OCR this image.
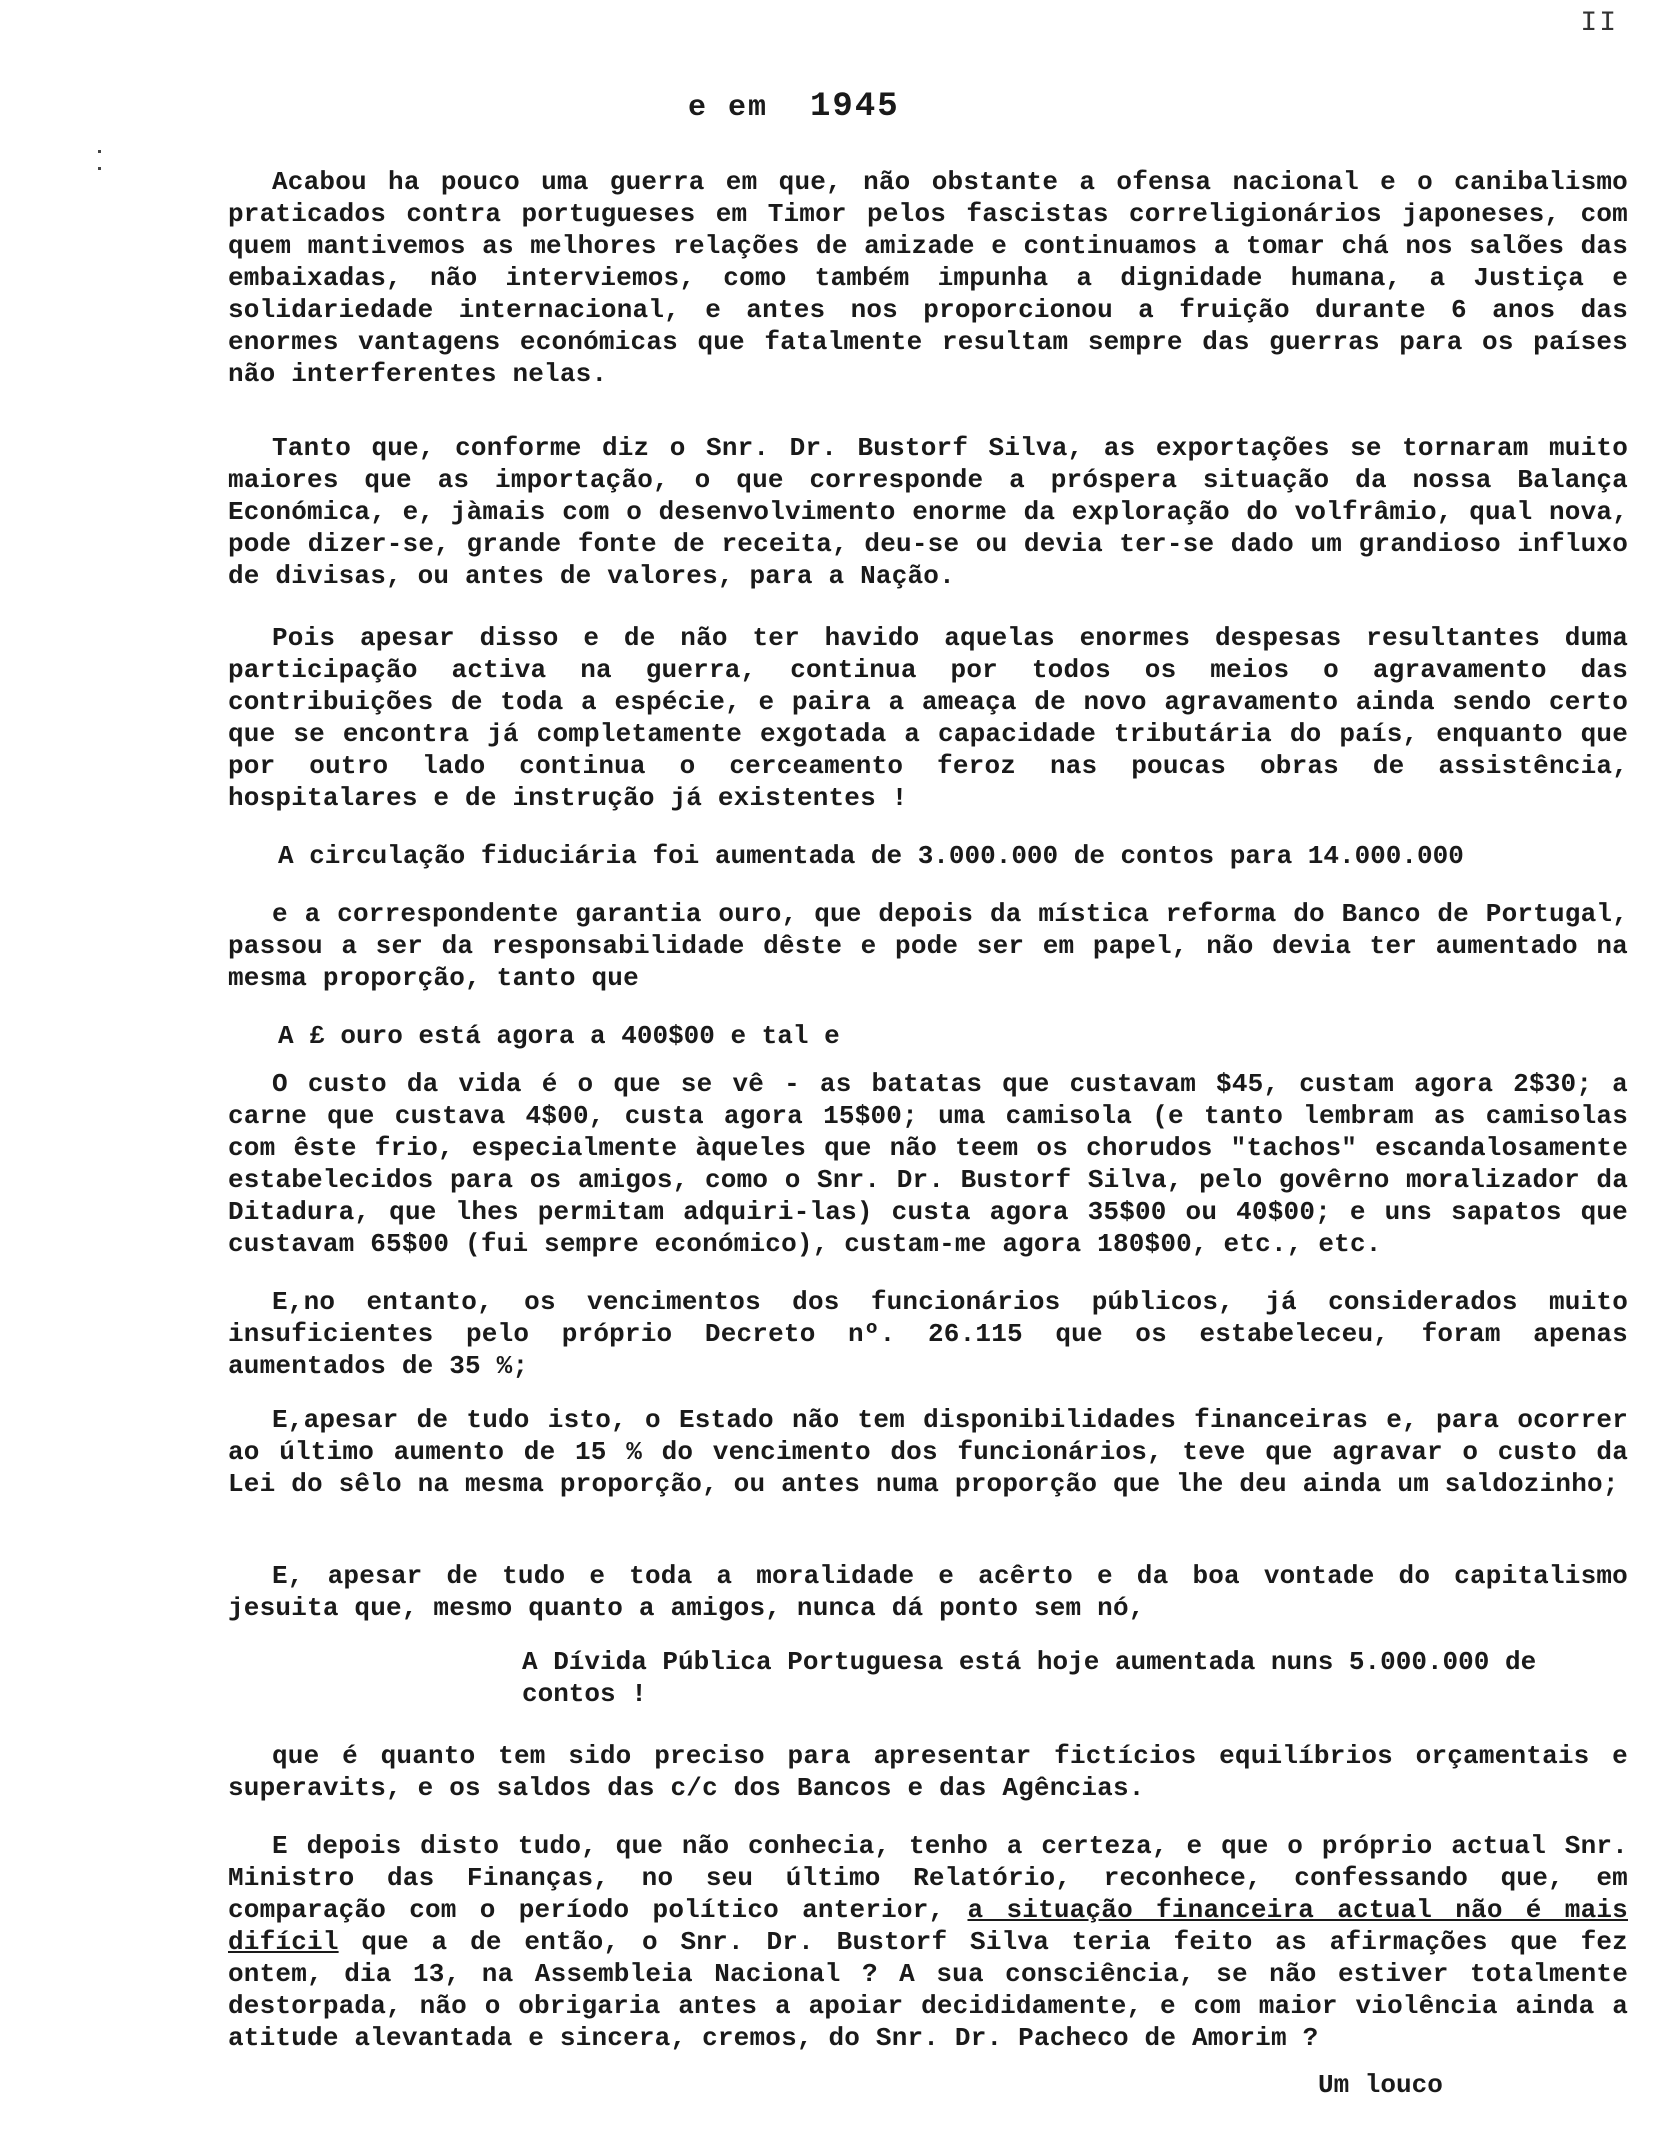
II
e em 1945

Acabou ha pouco uma guerra em que, não obstante a ofensa nacional e o canibalismo praticados contra portugueses em Timor pelos fascistas correligionários japoneses, com quem mantivemos as melhores relações de amizade e continuamos a tomar chá nos salões das embaixadas, não interviemos, como também impunha a dignidade humana, a Justiça e solidariedade internacional, e antes nos proporcionou a fruição durante 6 anos das enormes vantagens económicas que fatalmente resultam sempre das guerras para os países não interferentes nelas.

Tanto que, conforme diz o Snr. Dr. Bustorf Silva, as exportações se tornaram muito maiores que as importação, o que corresponde a próspera situação da nossa Balança Económica, e, jàmais com o desenvolvimento enorme da exploração do volfrâmio, qual nova, pode dizer-se, grande fonte de receita, deu-se ou devia ter-se dado um grandioso influxo de divisas, ou antes de valores, para a Nação.

Pois apesar disso e de não ter havido aquelas enormes despesas resultantes duma participação activa na guerra, continua por todos os meios o agravamento das contribuições de toda a espécie, e paira a ameaça de novo agravamento ainda sendo certo que se encontra já completamente exgotada a capacidade tributária do país, enquanto que por outro lado continua o cerceamento feroz nas poucas obras de assistência, hospitalares e de instrução já existentes !

A circulação fiduciária foi aumentada de 3.000.000 de contos para 14.000.000

e a correspondente garantia ouro, que depois da mística reforma do Banco de Portugal, passou a ser da responsabilidade dêste e pode ser em papel, não devia ter aumentado na mesma proporção, tanto que

A £ ouro está agora a 400$00 e tal e

O custo da vida é o que se vê - as batatas que custavam $45, custam agora 2$30; a carne que custava 4$00, custa agora 15$00; uma camisola (e tanto lembram as camisolas com êste frio, especialmente àqueles que não teem os chorudos "tachos" escandalosamente estabelecidos para os amigos, como o Snr. Dr. Bustorf Silva, pelo govêrno moralizador da Ditadura, que lhes permitam adquiri-las) custa agora 35$00 ou 40$00; e uns sapatos que custavam 65$00 (fui sempre económico), custam-me agora 180$00, etc., etc.

E,no entanto, os vencimentos dos funcionários públicos, já considerados muito insuficientes pelo próprio Decreto nº. 26.115 que os estabeleceu, foram apenas aumentados de 35 %;

E,apesar de tudo isto, o Estado não tem disponibilidades financeiras e, para ocorrer ao último aumento de 15 % do vencimento dos funcionários, teve que agravar o custo da Lei do sêlo na mesma proporção, ou antes numa proporção que lhe deu ainda um saldozinho;

E, apesar de tudo e toda a moralidade e acêrto e da boa vontade do capitalismo jesuita que, mesmo quanto a amigos, nunca dá ponto sem nó,

A Dívida Pública Portuguesa está hoje aumentada nuns 5.000.000 de contos !

que é quanto tem sido preciso para apresentar fictícios equilíbrios orçamentais e superavits, e os saldos das c/c dos Bancos e das Agências.

E depois disto tudo, que não conhecia, tenho a certeza, e que o próprio actual Snr. Ministro das Finanças, no seu último Relatório, reconhece, confessando que, em comparação com o período político anterior, a situação financeira actual não é mais difícil que a de então, o Snr. Dr. Bustorf Silva teria feito as afirmações que fez ontem, dia 13, na Assembleia Nacional ? A sua consciência, se não estiver totalmente destorpada, não o obrigaria antes a apoiar decididamente, e com maior violência ainda a atitude alevantada e sincera, cremos, do Snr. Dr. Pacheco de Amorim ?

Um louco
